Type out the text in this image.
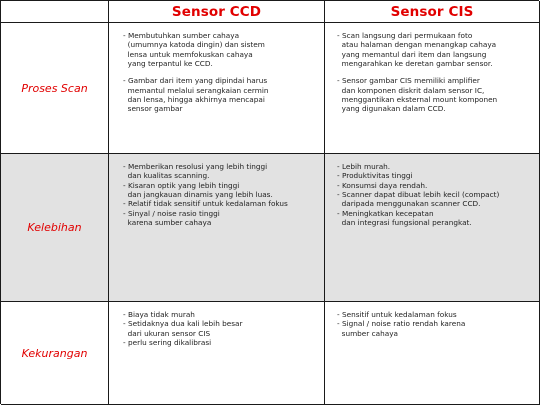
Sensor CCD	Sensor CIS
Proses Scan
- Membutuhkan sumber cahaya
(umumnya katoda dingin) dan sistem
lensa untuk memfokuskan cahaya
yang terpantul ke CCD.
- Gambar dari item yang dipindai harus
memantul melalui serangkaian cermin
dan lensa, hingga akhirnya mencapai
sensor gambar
- Scan langsung dari permukaan foto
atau halaman dengan menangkap cahaya
yang memantul dari item dan langsung
mengarahkan ke deretan gambar sensor.
- Sensor gambar CIS memiliki amplifier
dan komponen diskrit dalam sensor IC,
menggantikan eksternal mount komponen
yang digunakan dalam CCD.
Kelebihan
- Memberikan resolusi yang lebih tinggi
dan kualitas scanning.
- Kisaran optik yang lebih tinggi
dan jangkauan dinamis yang lebih luas.
- Relatif tidak sensitif untuk kedalaman fokus
- Sinyal / noise rasio tinggi
karena sumber cahaya
- Lebih murah.
- Produktivitas tinggi
- Konsumsi daya rendah.
- Scanner dapat dibuat lebih kecil (compact)
daripada menggunakan scanner CCD.
- Meningkatkan kecepatan
dan integrasi fungsional perangkat.
Kekurangan
- Biaya tidak murah
- Setidaknya dua kali lebih besar
dari ukuran sensor CIS
- perlu sering dikalibrasi
- Sensitif untuk kedalaman fokus
- Signal / noise ratio rendah karena
sumber cahaya
